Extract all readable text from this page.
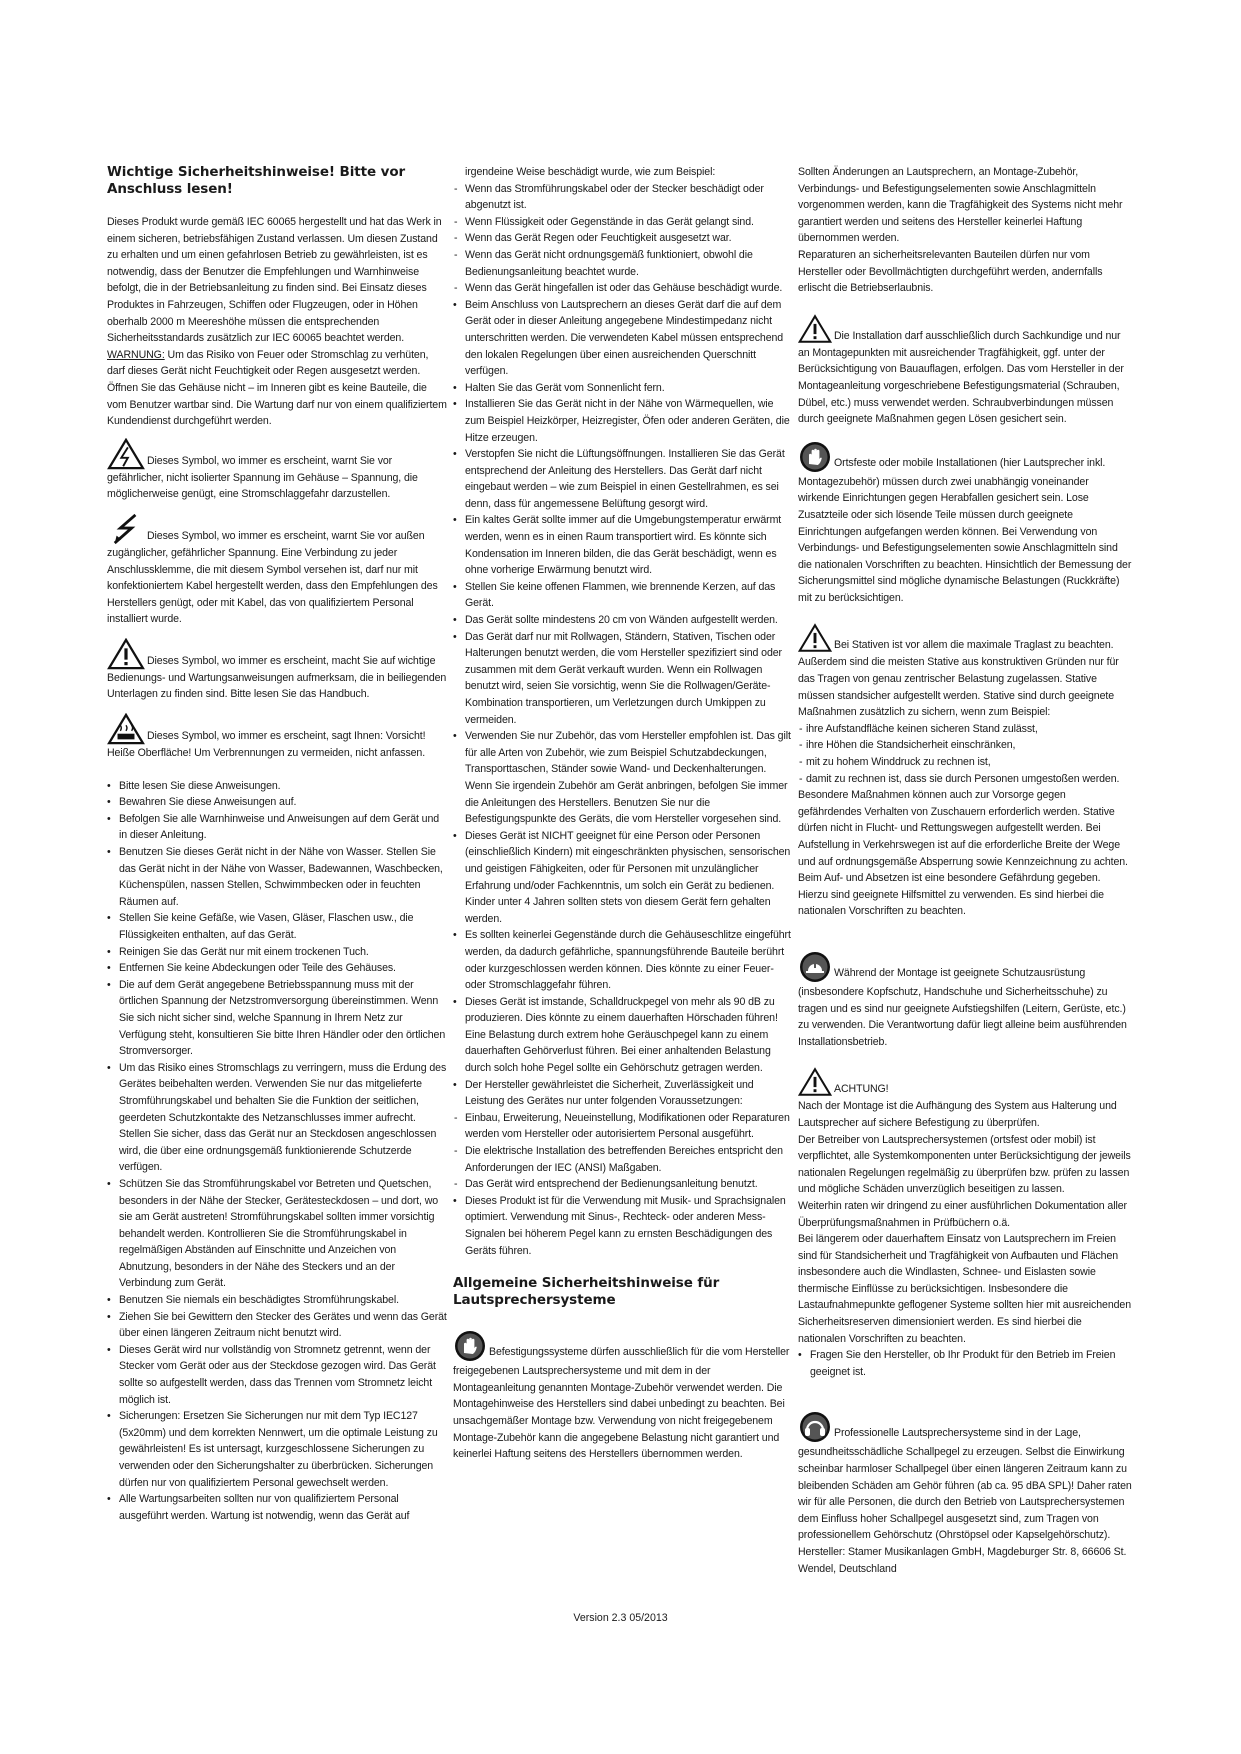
Wichtige Sicherheitshinweise! Bitte vor Anschluss lesen!

Dieses Produkt wurde gemäß IEC 60065 hergestellt und hat das Werk in einem sicheren, betriebsfähigen Zustand verlassen. Um diesen Zustand zu erhalten und um einen gefahrlosen Betrieb zu gewährleisten, ist es notwendig, dass der Benutzer die Empfehlungen und Warnhinweise befolgt, die in der Betriebsanleitung zu finden sind. Bei Einsatz dieses Produktes in Fahrzeugen, Schiffen oder Flugzeugen, oder in Höhen oberhalb 2000 m Meereshöhe müssen die entsprechenden Sicherheitsstandards zusätzlich zur IEC 60065 beachtet werden.

WARNUNG: Um das Risiko von Feuer oder Stromschlag zu verhüten, darf dieses Gerät nicht Feuchtigkeit oder Regen ausgesetzt werden. Öffnen Sie das Gehäuse nicht – im Inneren gibt es keine Bauteile, die vom Benutzer wartbar sind. Die Wartung darf nur von einem qualifiziertem Kundendienst durchgeführt werden.

Dieses Symbol, wo immer es erscheint, warnt Sie vor gefährlicher, nicht isolierter Spannung im Gehäuse – Spannung, die möglicherweise genügt, eine Stromschlaggefahr darzustellen.
Dieses Symbol, wo immer es erscheint, warnt Sie vor außen zugänglicher, gefährlicher Spannung. Eine Verbindung zu jeder Anschlussklemme, die mit diesem Symbol versehen ist, darf nur mit konfektioniertem Kabel hergestellt werden, dass den Empfehlungen des Herstellers genügt, oder mit Kabel, das von qualifiziertem Personal installiert wurde.
Dieses Symbol, wo immer es erscheint, macht Sie auf wichtige Bedienungs- und Wartungsanweisungen aufmerksam, die in beiliegenden Unterlagen zu finden sind. Bitte lesen Sie das Handbuch.
Dieses Symbol, wo immer es erscheint, sagt Ihnen: Vorsicht! Heiße Oberfläche! Um Verbrennungen zu vermeiden, nicht anfassen.
• Bitte lesen Sie diese Anweisungen.
• Bewahren Sie diese Anweisungen auf.
• Befolgen Sie alle Warnhinweise und Anweisungen auf dem Gerät und in dieser Anleitung.
• Benutzen Sie dieses Gerät nicht in der Nähe von Wasser. Stellen Sie das Gerät nicht in der Nähe von Wasser, Badewannen, Waschbecken, Küchenspülen, nassen Stellen, Schwimmbecken oder in feuchten Räumen auf.
• Stellen Sie keine Gefäße, wie Vasen, Gläser, Flaschen usw., die Flüssigkeiten enthalten, auf das Gerät.
• Reinigen Sie das Gerät nur mit einem trockenen Tuch.
• Entfernen Sie keine Abdeckungen oder Teile des Gehäuses.
• Die auf dem Gerät angegebene Betriebsspannung muss mit der örtlichen Spannung der Netzstromversorgung übereinstimmen. Wenn Sie sich nicht sicher sind, welche Spannung in Ihrem Netz zur Verfügung steht, konsultieren Sie bitte Ihren Händler oder den örtlichen Stromversorger.
• Um das Risiko eines Stromschlags zu verringern, muss die Erdung des Gerätes beibehalten werden. Verwenden Sie nur das mitgelieferte Stromführungskabel und behalten Sie die Funktion der seitlichen, geerdeten Schutzkontakte des Netzanschlusses immer aufrecht. Stellen Sie sicher, dass das Gerät nur an Steckdosen angeschlossen wird, die über eine ordnungsgemäß funktionierende Schutzerde verfügen.
• Schützen Sie das Stromführungskabel vor Betreten und Quetschen, besonders in der Nähe der Stecker, Gerätesteckdosen – und dort, wo sie am Gerät austreten! Stromführungskabel sollten immer vorsichtig behandelt werden. Kontrollieren Sie die Stromführungskabel in regelmäßigen Abständen auf Einschnitte und Anzeichen von Abnutzung, besonders in der Nähe des Steckers und an der Verbindung zum Gerät.
• Benutzen Sie niemals ein beschädigtes Stromführungskabel.
• Ziehen Sie bei Gewittern den Stecker des Gerätes und wenn das Gerät über einen längeren Zeitraum nicht benutzt wird.
• Dieses Gerät wird nur vollständig von Stromnetz getrennt, wenn der Stecker vom Gerät oder aus der Steckdose gezogen wird. Das Gerät sollte so aufgestellt werden, dass das Trennen vom Stromnetz leicht möglich ist.
• Sicherungen: Ersetzen Sie Sicherungen nur mit dem Typ IEC127 (5x20mm) und dem korrekten Nennwert, um die optimale Leistung zu gewährleisten! Es ist untersagt, kurzgeschlossene Sicherungen zu verwenden oder den Sicherungshalter zu überbrücken. Sicherungen dürfen nur von qualifiziertem Personal gewechselt werden.
• Alle Wartungsarbeiten sollten nur von qualifiziertem Personal ausgeführt werden. Wartung ist notwendig, wenn das Gerät auf

irgendeine Weise beschädigt wurde, wie zum Beispiel:

- Wenn das Stromführungskabel oder der Stecker beschädigt oder abgenutzt ist.
- Wenn Flüssigkeit oder Gegenstände in das Gerät gelangt sind.
- Wenn das Gerät Regen oder Feuchtigkeit ausgesetzt war.
- Wenn das Gerät nicht ordnungsgemäß funktioniert, obwohl die Bedienungsanleitung beachtet wurde.
- Wenn das Gerät hingefallen ist oder das Gehäuse beschädigt wurde.
• Beim Anschluss von Lautsprechern an dieses Gerät darf die auf dem Gerät oder in dieser Anleitung angegebene Mindestimpedanz nicht unterschritten werden. Die verwendeten Kabel müssen entsprechend den lokalen Regelungen über einen ausreichenden Querschnitt verfügen.
• Halten Sie das Gerät vom Sonnenlicht fern.
• Installieren Sie das Gerät nicht in der Nähe von Wärmequellen, wie zum Beispiel Heizkörper, Heizregister, Öfen oder anderen Geräten, die Hitze erzeugen.
• Verstopfen Sie nicht die Lüftungsöffnungen. Installieren Sie das Gerät entsprechend der Anleitung des Herstellers. Das Gerät darf nicht eingebaut werden – wie zum Beispiel in einen Gestellrahmen, es sei denn, dass für angemessene Belüftung gesorgt wird.
• Ein kaltes Gerät sollte immer auf die Umgebungstemperatur erwärmt werden, wenn es in einen Raum transportiert wird. Es könnte sich Kondensation im Inneren bilden, die das Gerät beschädigt, wenn es ohne vorherige Erwärmung benutzt wird.
• Stellen Sie keine offenen Flammen, wie brennende Kerzen, auf das Gerät.
• Das Gerät sollte mindestens 20 cm von Wänden aufgestellt werden.
• Das Gerät darf nur mit Rollwagen, Ständern, Stativen, Tischen oder Halterungen benutzt werden, die vom Hersteller spezifiziert sind oder zusammen mit dem Gerät verkauft wurden. Wenn ein Rollwagen benutzt wird, seien Sie vorsichtig, wenn Sie die Rollwagen/Geräte-Kombination transportieren, um Verletzungen durch Umkippen zu vermeiden.
• Verwenden Sie nur Zubehör, das vom Hersteller empfohlen ist. Das gilt für alle Arten von Zubehör, wie zum Beispiel Schutzabdeckungen, Transporttaschen, Ständer sowie Wand- und Deckenhalterungen. Wenn Sie irgendein Zubehör am Gerät anbringen, befolgen Sie immer die Anleitungen des Herstellers. Benutzen Sie nur die Befestigungspunkte des Geräts, die vom Hersteller vorgesehen sind.
• Dieses Gerät ist NICHT geeignet für eine Person oder Personen (einschließlich Kindern) mit eingeschränkten physischen, sensorischen und geistigen Fähigkeiten, oder für Personen mit unzulänglicher Erfahrung und/oder Fachkenntnis, um solch ein Gerät zu bedienen. Kinder unter 4 Jahren sollten stets von diesem Gerät fern gehalten werden.
• Es sollten keinerlei Gegenstände durch die Gehäuseschlitze eingeführt werden, da dadurch gefährliche, spannungsführende Bauteile berührt oder kurzgeschlossen werden können. Dies könnte zu einer Feuer- oder Stromschlaggefahr führen.
• Dieses Gerät ist imstande, Schalldruckpegel von mehr als 90 dB zu produzieren. Dies könnte zu einem dauerhaften Hörschaden führen! Eine Belastung durch extrem hohe Geräuschpegel kann zu einem dauerhaften Gehörverlust führen. Bei einer anhaltenden Belastung durch solch hohe Pegel sollte ein Gehörschutz getragen werden.
• Der Hersteller gewährleistet die Sicherheit, Zuverlässigkeit und Leistung des Gerätes nur unter folgenden Voraussetzungen:
- Einbau, Erweiterung, Neueinstellung, Modifikationen oder Reparaturen werden vom Hersteller oder autorisiertem Personal ausgeführt.
- Die elektrische Installation des betreffenden Bereiches entspricht den Anforderungen der IEC (ANSI) Maßgaben.
- Das Gerät wird entsprechend der Bedienungsanleitung benutzt.
• Dieses Produkt ist für die Verwendung mit Musik- und Sprachsignalen optimiert. Verwendung mit Sinus-, Rechteck- oder anderen Mess-Signalen bei höherem Pegel kann zu ernsten Beschädigungen des Geräts führen.
Allgemeine Sicherheitshinweise für Lautsprechersysteme
Befestigungssysteme dürfen ausschließlich für die vom Hersteller freigegebenen Lautsprechersysteme und mit dem in der Montageanleitung genannten Montage-Zubehör verwendet werden. Die Montagehinweise des Herstellers sind dabei unbedingt zu beachten. Bei unsachgemäßer Montage bzw. Verwendung von nicht freigegebenem Montage-Zubehör kann die angegebene Belastung nicht garantiert und keinerlei Haftung seitens des Herstellers übernommen werden.

Sollten Änderungen an Lautsprechern, an Montage-Zubehör, Verbindungs- und Befestigungselementen sowie Anschlagmitteln vorgenommen werden, kann die Tragfähigkeit des Systems nicht mehr garantiert werden und seitens des Hersteller keinerlei Haftung übernommen werden.

Reparaturen an sicherheitsrelevanten Bauteilen dürfen nur vom Hersteller oder Bevollmächtigten durchgeführt werden, andernfalls erlischt die Betriebserlaubnis.

Die Installation darf ausschließlich durch Sachkundige und nur an Montagepunkten mit ausreichender Tragfähigkeit, ggf. unter der Berücksichtigung von Bauauflagen, erfolgen. Das vom Hersteller in der Montageanleitung vorgeschriebene Befestigungsmaterial (Schrauben, Dübel, etc.) muss verwendet werden. Schraubverbindungen müssen durch geeignete Maßnahmen gegen Lösen gesichert sein.
Ortsfeste oder mobile Installationen (hier Lautsprecher inkl. Montagezubehör) müssen durch zwei unabhängig voneinander wirkende Einrichtungen gegen Herabfallen gesichert sein. Lose Zusatzteile oder sich lösende Teile müssen durch geeignete Einrichtungen aufgefangen werden können. Bei Verwendung von Verbindungs- und Befestigungselementen sowie Anschlagmitteln sind die nationalen Vorschriften zu beachten. Hinsichtlich der Bemessung der Sicherungsmittel sind mögliche dynamische Belastungen (Ruckkräfte) mit zu berücksichtigen.
Bei Stativen ist vor allem die maximale Traglast zu beachten. Außerdem sind die meisten Stative aus konstruktiven Gründen nur für das Tragen von genau zentrischer Belastung zugelassen. Stative müssen standsicher aufgestellt werden. Stative sind durch geeignete Maßnahmen zusätzlich zu sichern, wenn zum Beispiel:
- ihre Aufstandfläche keinen sicheren Stand zulässt,
- ihre Höhen die Standsicherheit einschränken,
- mit zu hohem Winddruck zu rechnen ist,
- damit zu rechnen ist, dass sie durch Personen umgestoßen werden.

Besondere Maßnahmen können auch zur Vorsorge gegen gefährdendes Verhalten von Zuschauern erforderlich werden. Stative dürfen nicht in Flucht- und Rettungswegen aufgestellt werden. Bei Aufstellung in Verkehrswegen ist auf die erforderliche Breite der Wege und auf ordnungsgemäße Absperrung sowie Kennzeichnung zu achten. Beim Auf- und Absetzen ist eine besondere Gefährdung gegeben. Hierzu sind geeignete Hilfsmittel zu verwenden. Es sind hierbei die nationalen Vorschriften zu beachten.

Während der Montage ist geeignete Schutzausrüstung (insbesondere Kopfschutz, Handschuhe und Sicherheitsschuhe) zu tragen und es sind nur geeignete Aufstiegshilfen (Leitern, Gerüste, etc.) zu verwenden. Die Verantwortung dafür liegt alleine beim ausführenden Installationsbetrieb.
ACHTUNG!

Nach der Montage ist die Aufhängung des System aus Halterung und Lautsprecher auf sichere Befestigung zu überprüfen.

Der Betreiber von Lautsprechersystemen (ortsfest oder mobil) ist verpflichtet, alle Systemkomponenten unter Berücksichtigung der jeweils nationalen Regelungen regelmäßig zu überprüfen bzw. prüfen zu lassen und mögliche Schäden unverzüglich beseitigen zu lassen.

Weiterhin raten wir dringend zu einer ausführlichen Dokumentation aller Überprüfungsmaßnahmen in Prüfbüchern o.ä.

Bei längerem oder dauerhaftem Einsatz von Lautsprechern im Freien sind für Standsicherheit und Tragfähigkeit von Aufbauten und Flächen insbesondere auch die Windlasten, Schnee- und Eislasten sowie thermische Einflüsse zu berücksichtigen. Insbesondere die Lastaufnahmepunkte geflogener Systeme sollten hier mit ausreichenden Sicherheitsreserven dimensioniert werden. Es sind hierbei die nationalen Vorschriften zu beachten.

• Fragen Sie den Hersteller, ob Ihr Produkt für den Betrieb im Freien geeignet ist.
Professionelle Lautsprechersysteme sind in der Lage, gesundheitsschädliche Schallpegel zu erzeugen. Selbst die Einwirkung scheinbar harmloser Schallpegel über einen längeren Zeitraum kann zu bleibenden Schäden am Gehör führen (ab ca. 95 dBA SPL)! Daher raten wir für alle Personen, die durch den Betrieb von Lautsprechersystemen dem Einfluss hoher Schallpegel ausgesetzt sind, zum Tragen von professionellem Gehörschutz (Ohrstöpsel oder Kapselgehörschutz).

Hersteller: Stamer Musikanlagen GmbH, Magdeburger Str. 8, 66606 St. Wendel, Deutschland

Version 2.3 05/2013
